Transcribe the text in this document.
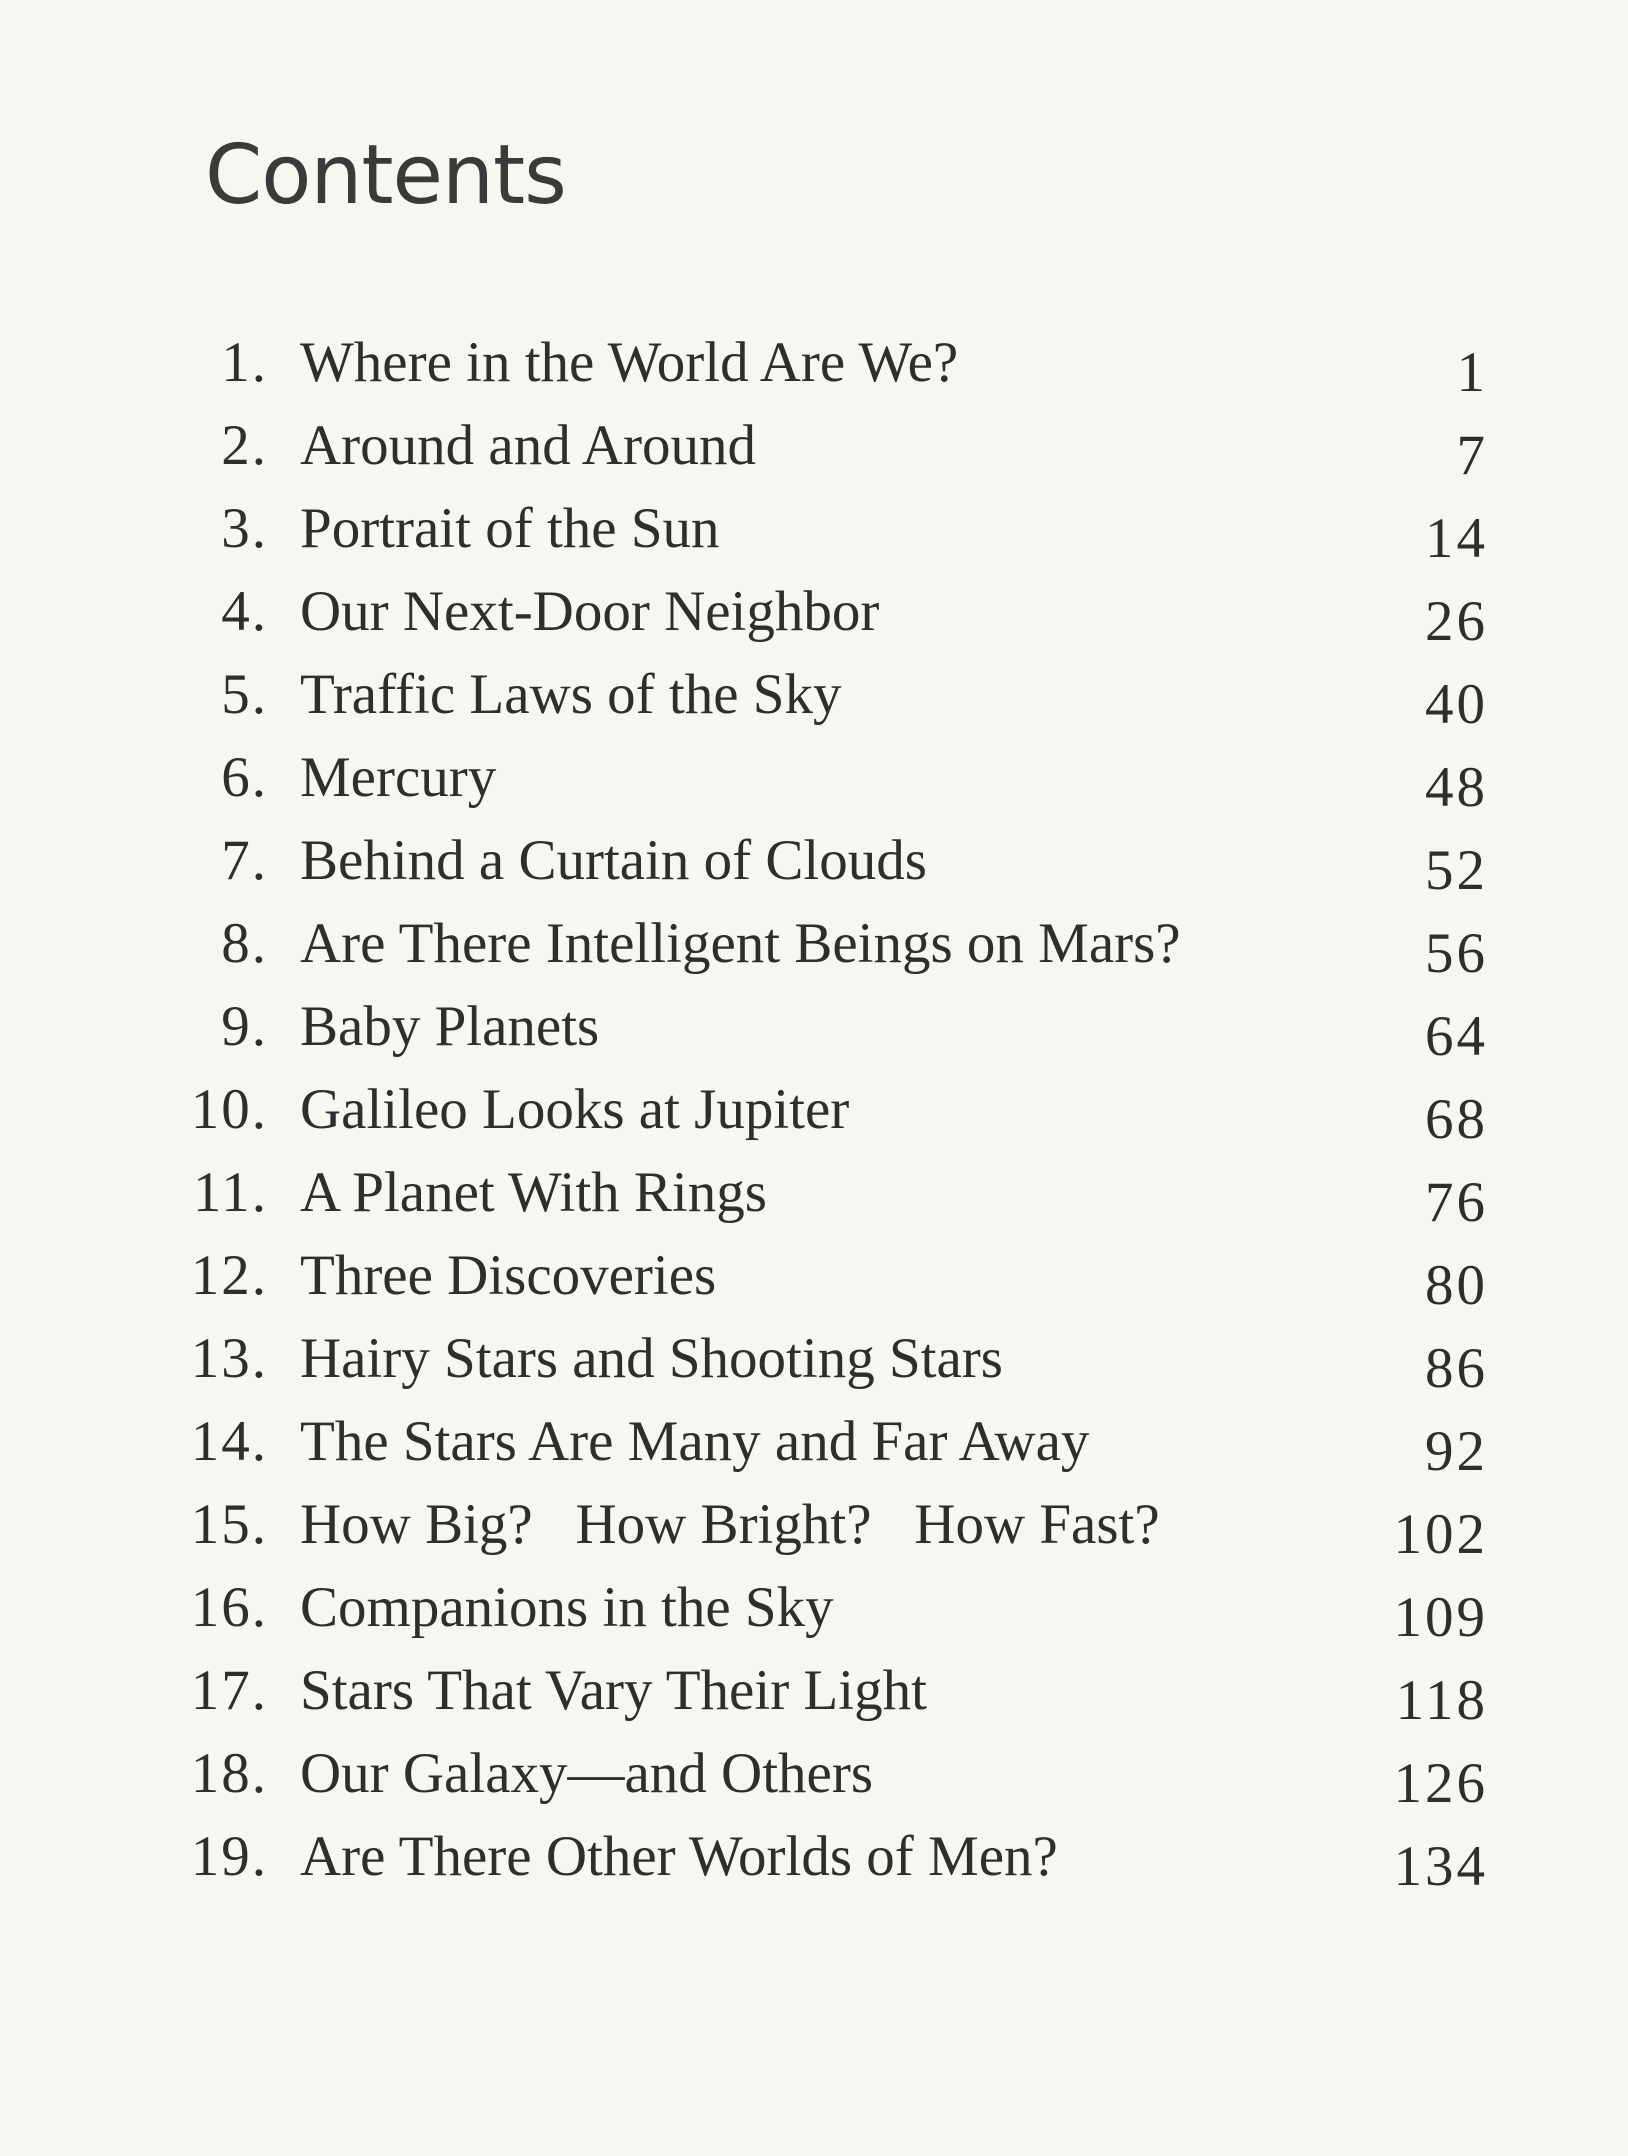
Contents
1. Where in the World Are We?	1
2. Around and Around	7
3. Portrait of the Sun	14
4. Our Next-Door Neighbor	26
5. Traffic Laws of the Sky	40
6. Mercury	48
7. Behind a Curtain of Clouds	52
8. Are There Intelligent Beings on Mars?	56
9. Baby Planets	64
10. Galileo Looks at Jupiter	68
11. A Planet With Rings	76
12. Three Discoveries	80
13. Hairy Stars and Shooting Stars	86
14. The Stars Are Many and Far Away	92
15. How Big?   How Bright?   How Fast?	102
16. Companions in the Sky	109
17. Stars That Vary Their Light	118
18. Our Galaxy—and Others	126
19. Are There Other Worlds of Men?	134
